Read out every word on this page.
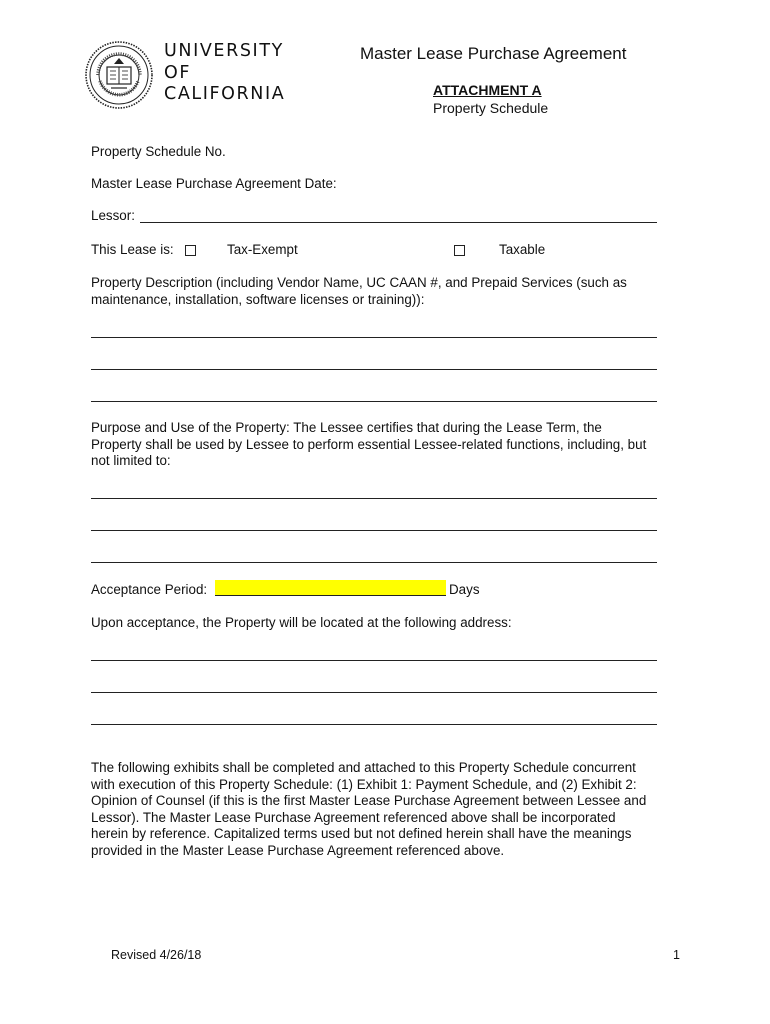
UNIVERSITY
OF
CALIFORNIA
Master Lease Purchase Agreement
ATTACHMENT A
Property Schedule
Property Schedule No.
Master Lease Purchase Agreement Date:
Lessor:
This Lease is:	Tax-Exempt	Taxable
Property Description (including Vendor Name, UC CAAN #, and Prepaid Services (such as
maintenance, installation, software licenses or training)):
Purpose and Use of the Property: The Lessee certifies that during the Lease Term, the
Property shall be used by Lessee to perform essential Lessee-related functions, including, but
not limited to:
Acceptance Period:	Days
Upon acceptance, the Property will be located at the following address:
The following exhibits shall be completed and attached to this Property Schedule concurrent
with execution of this Property Schedule: (1) Exhibit 1: Payment Schedule, and (2) Exhibit 2:
Opinion of Counsel (if this is the first Master Lease Purchase Agreement between Lessee and
Lessor). The Master Lease Purchase Agreement referenced above shall be incorporated
herein by reference. Capitalized terms used but not defined herein shall have the meanings
provided in the Master Lease Purchase Agreement referenced above.
Revised 4/26/18	1
